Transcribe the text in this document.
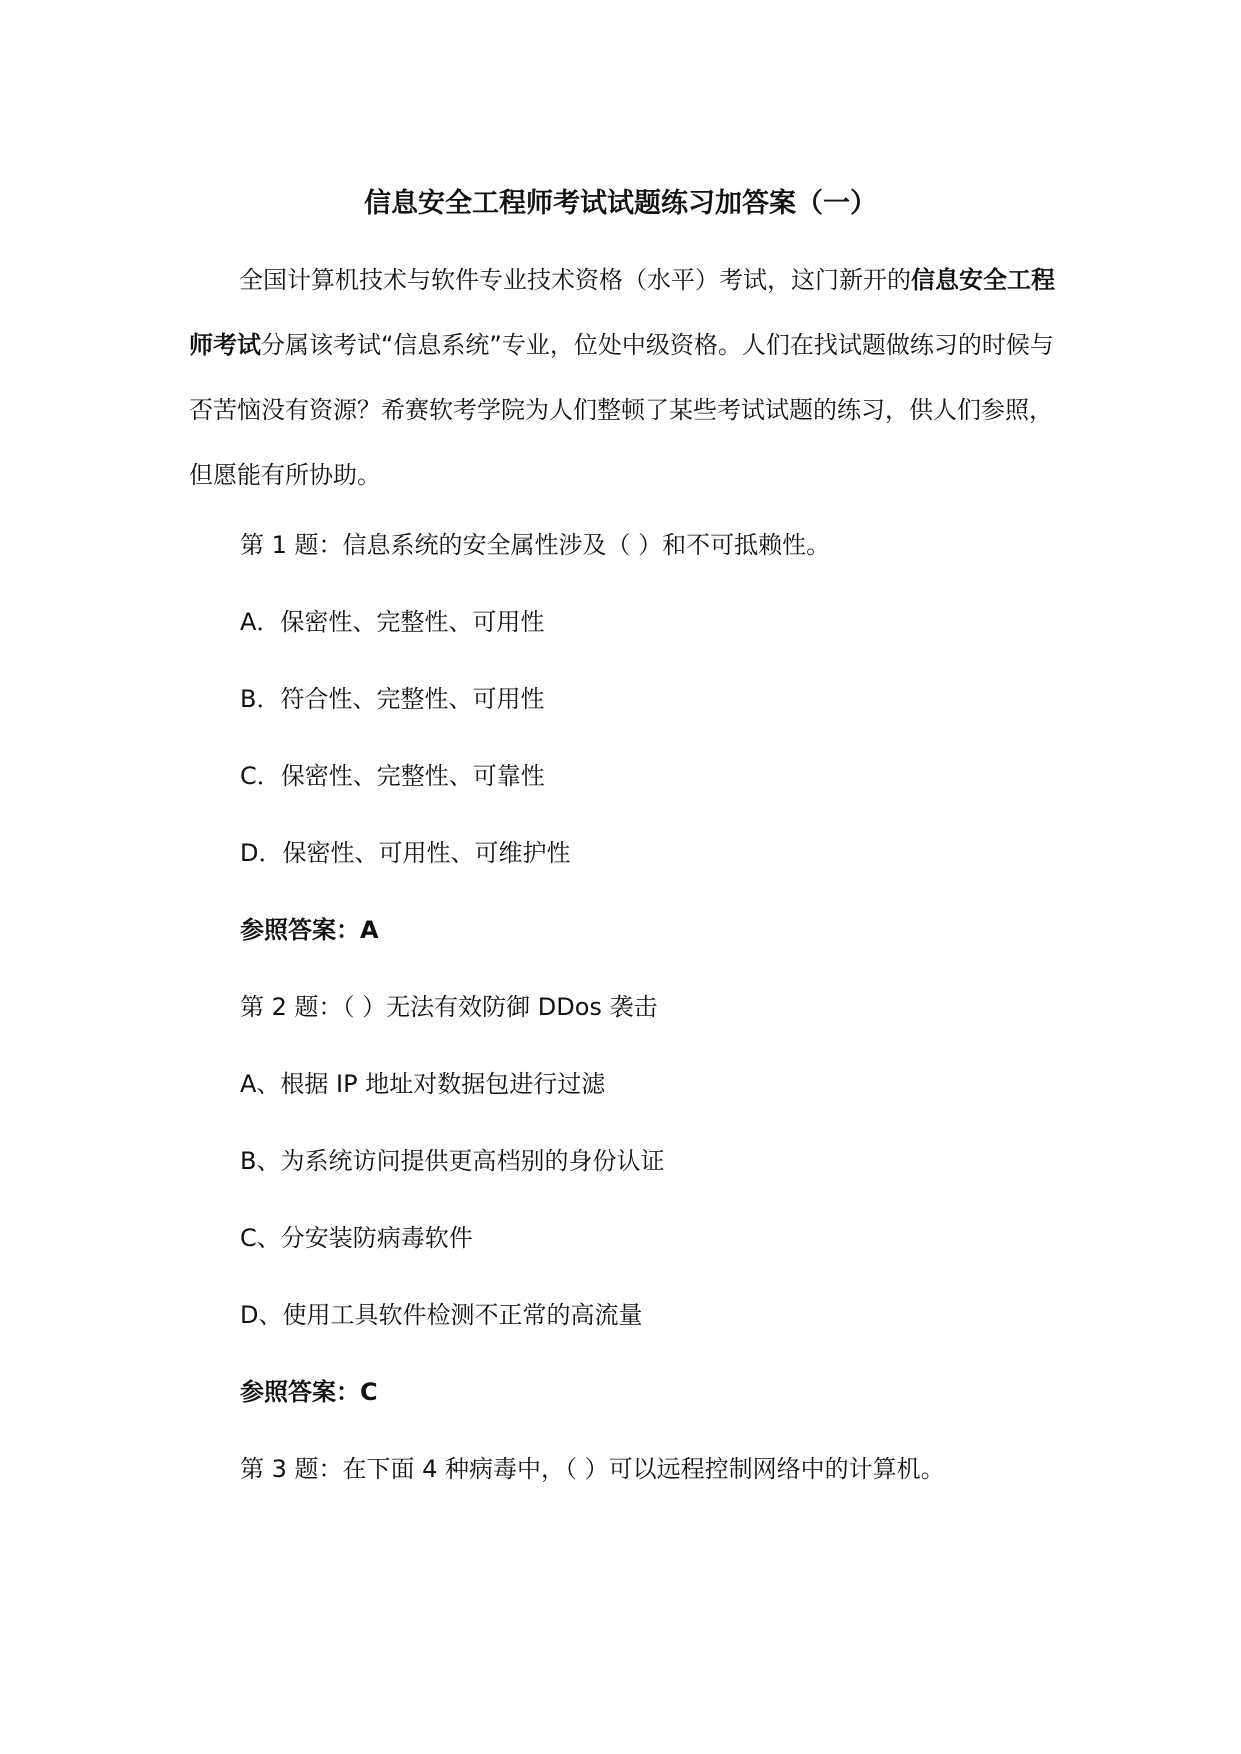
信息安全工程师考试试题练习加答案（一）

全国计算机技术与软件专业技术资格（水平）考试，这门新开的信息安全工程师考试分属该考试“信息系统”专业，位处中级资格。人们在找试题做练习的时候与否苦恼没有资源？希赛软考学院为人们整顿了某些考试试题的练习，供人们参照，但愿能有所协助。

第 1 题：信息系统的安全属性涉及（ ）和不可抵赖性。

A．保密性、完整性、可用性

B．符合性、完整性、可用性

C．保密性、完整性、可靠性

D．保密性、可用性、可维护性

参照答案：A

第 2 题：（ ）无法有效防御 DDos 袭击

A、根据 IP 地址对数据包进行过滤

B、为系统访问提供更高档别的身份认证

C、分安装防病毒软件

D、使用工具软件检测不正常的高流量

参照答案：C

第 3 题：在下面 4 种病毒中，（ ）可以远程控制网络中的计算机。
